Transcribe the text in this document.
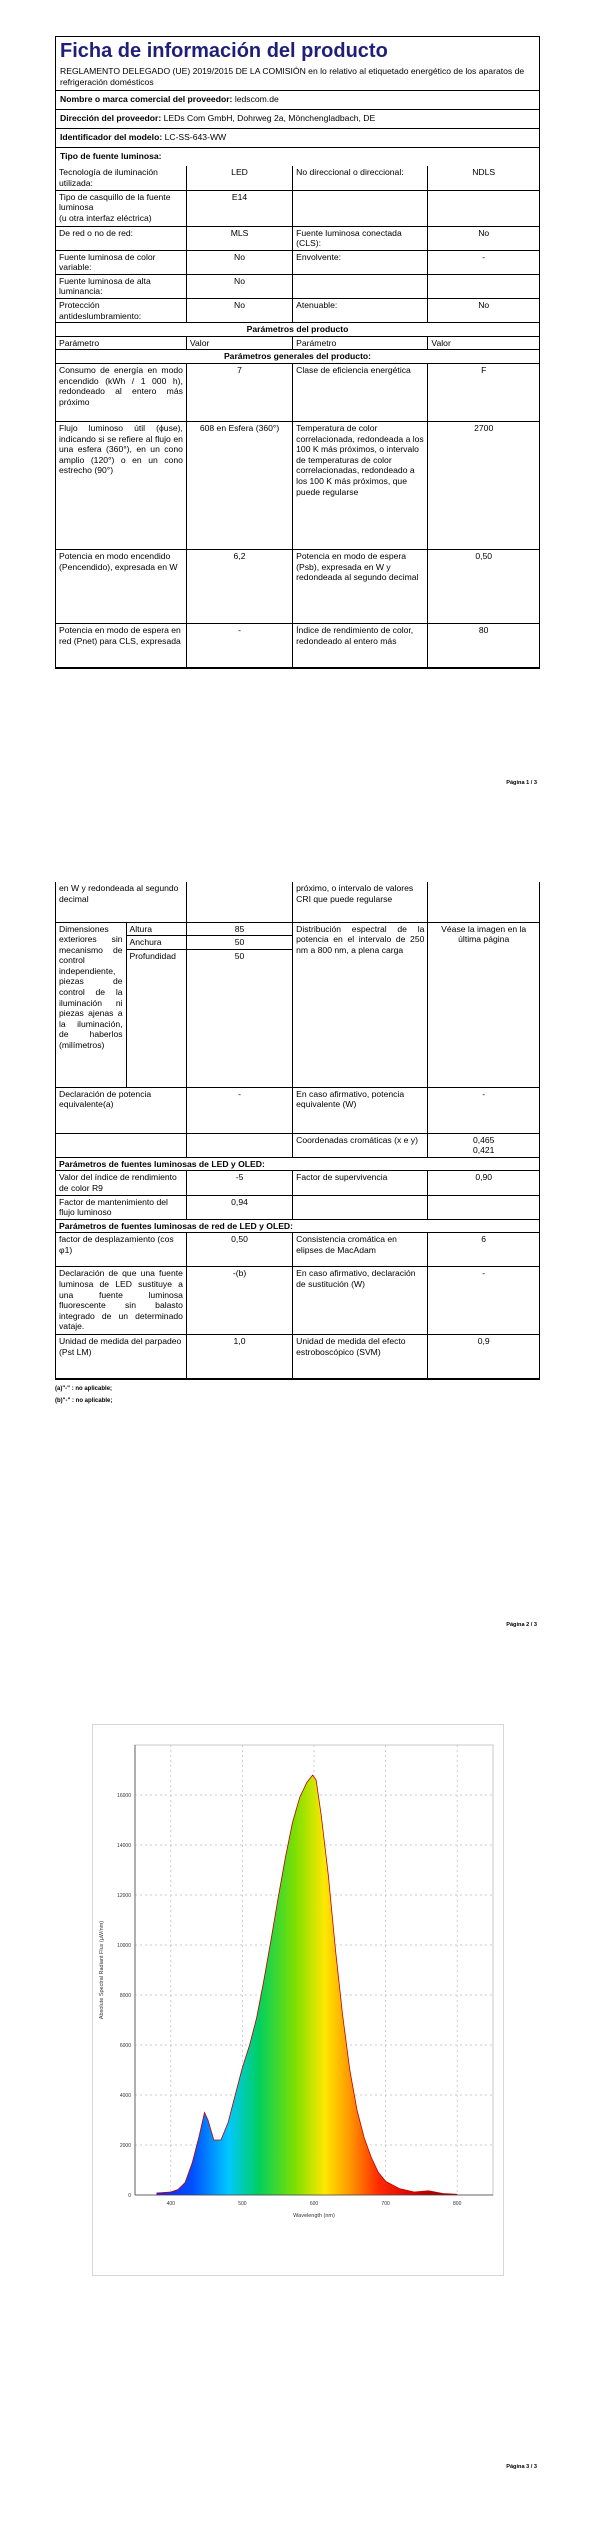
Ficha de información del producto
REGLAMENTO DELEGADO (UE) 2019/2015 DE LA COMISIÓN en lo relativo al etiquetado energético de los aparatos de refrigeración domésticos
Nombre o marca comercial del proveedor: ledscom.de
Dirección del proveedor: LEDs Com GmbH, Dohrweg 2a, Mönchengladbach, DE
Identificador del modelo: LC-SS-643-WW
Tipo de fuente luminosa:
Tecnología de iluminación utilizada:	LED	No direccional o direccional:	NDLS
Tipo de casquillo de la fuente luminosa
(u otra interfaz eléctrica)	E14		
De red o no de red:	MLS	Fuente luminosa conectada (CLS):	No
Fuente luminosa de color variable:	No	Envolvente:	-
Fuente luminosa de alta luminancia:	No		
Protección antideslumbramiento:	No	Atenuable:	No
Parámetros del producto			
Parámetro	Valor	Parámetro	Valor
Parámetros generales del producto:			
Consumo de energía en modo encendido (kWh / 1 000 h), redondeado al entero más próximo	7	Clase de eficiencia energética	F
Flujo luminoso útil (ϕuse), indicando si se refiere al flujo en una esfera (360°), en un cono amplio (120°) o en un cono estrecho (90°)	608 en Esfera (360°)	Temperatura de color correlacionada, redondeada a los 100 K más próximos, o intervalo de temperaturas de color correlacionadas, redondeado a los 100 K más próximos, que puede regularse	2700
Potencia en modo encendido (Pencendido), expresada en W	6,2	Potencia en modo de espera (Psb), expresada en W y redondeada al segundo decimal	0,50
Potencia en modo de espera en red (Pnet) para CLS, expresada	-	Índice de rendimiento de color, redondeado al entero más	80
Página 1 / 3
en W y redondeada al segundo decimal			próximo, o intervalo de valores CRI que puede regularse	
Dimensiones exteriores sin mecanismo de control independiente, piezas de control de la iluminación ni piezas ajenas a la iluminación, de haberlos (milímetros)	Altura	85	Distribución espectral de la potencia en el intervalo de 250 nm a 800 nm, a plena carga	Véase la imagen en la última página
	Anchura	50		
	Profundidad	50		
Declaración de potencia equivalente(a)		-	En caso afirmativo, potencia equivalente (W)	-
			Coordenadas cromáticas (x e y)	0,465
0,421
Parámetros de fuentes luminosas de LED y OLED:				
Valor del índice de rendimiento de color R9		-5	Factor de supervivencia	0,90
Factor de mantenimiento del flujo luminoso		0,94		
Parámetros de fuentes luminosas de red de LED y OLED:				
factor de desplazamiento (cos φ1)		0,50	Consistencia cromática en elipses de MacAdam	6
Declaración de que una fuente luminosa de LED sustituye a una fuente luminosa fluorescente sin balasto integrado de un determinado vataje.		-(b)	En caso afirmativo, declaración de sustitución (W)	-
Unidad de medida del parpadeo (Pst LM)		1,0	Unidad de medida del efecto estroboscópico (SVM)	0,9
(a)"-" : no aplicable;
(b)"-" : no aplicable;
Página 2 / 3
0
2000
4000
6000
8000
10000
12000
14000
16000
400	500	600	700	800
Wavelength (nm)
Absolute Spectral Radiant Flux (µW/nm)
Página 3 / 3
